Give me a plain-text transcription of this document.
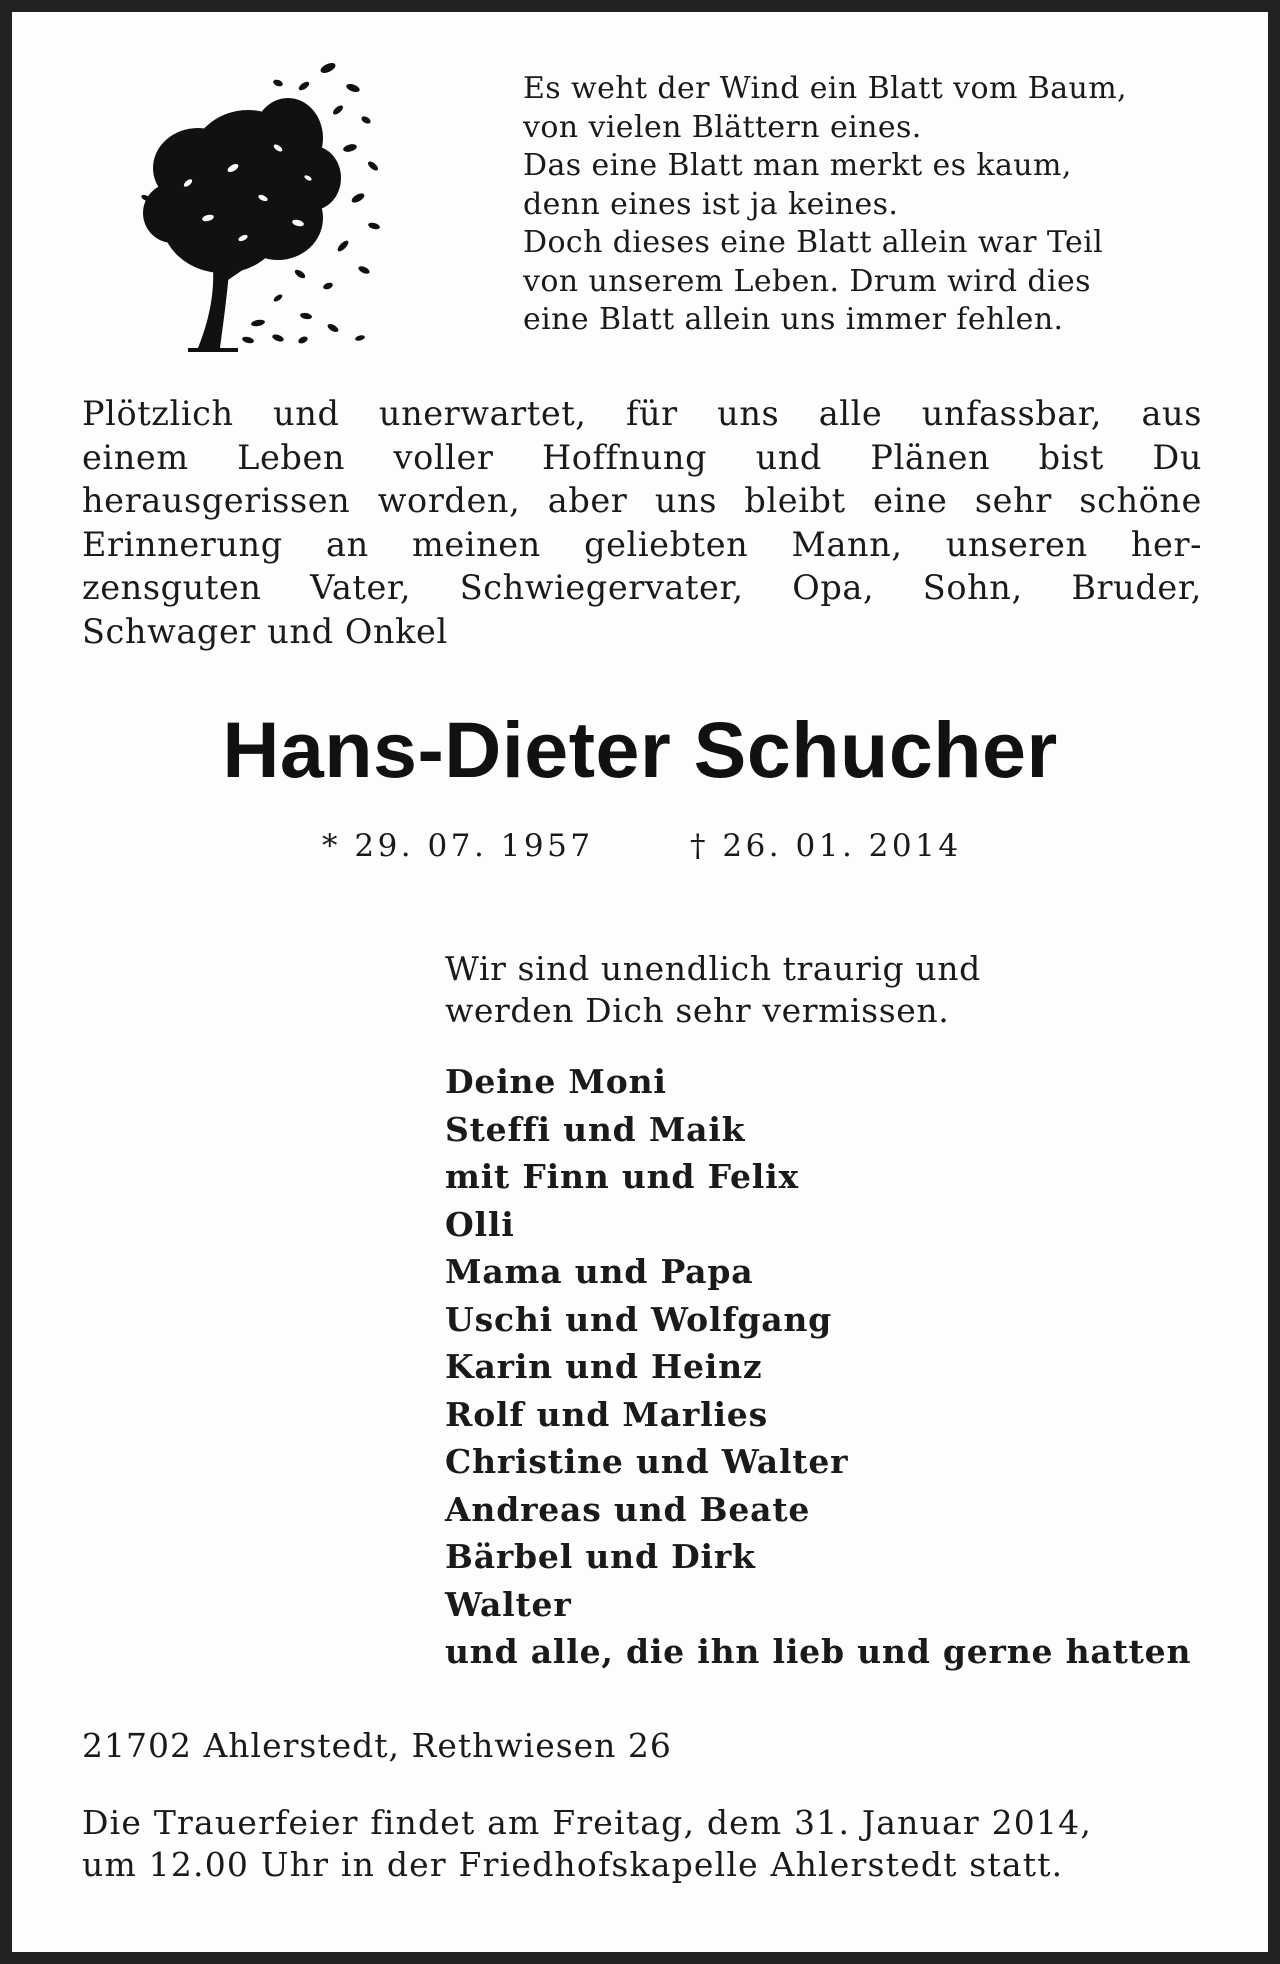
Es weht der Wind ein Blatt vom Baum,
von vielen Blättern eines.
Das eine Blatt man merkt es kaum,
denn eines ist ja keines.
Doch dieses eine Blatt allein war Teil
von unserem Leben. Drum wird dies
eine Blatt allein uns immer fehlen.
Plötzlich und unerwartet, für uns alle unfassbar, aus
einem Leben voller Hoffnung und Plänen bist Du
herausgerissen worden, aber uns bleibt eine sehr schöne
Erinnerung an meinen geliebten Mann, unseren her-
zensguten Vater, Schwiegervater, Opa, Sohn, Bruder,
Schwager und Onkel
Hans-Dieter Schucher
* 29. 07. 1957	† 26. 01. 2014
Wir sind unendlich traurig und
werden Dich sehr vermissen.
Deine Moni
Steffi und Maik
mit Finn und Felix
Olli
Mama und Papa
Uschi und Wolfgang
Karin und Heinz
Rolf und Marlies
Christine und Walter
Andreas und Beate
Bärbel und Dirk
Walter
und alle, die ihn lieb und gerne hatten
21702 Ahlerstedt, Rethwiesen 26
Die Trauerfeier findet am Freitag, dem 31. Januar 2014,
um 12.00 Uhr in der Friedhofskapelle Ahlerstedt statt.
